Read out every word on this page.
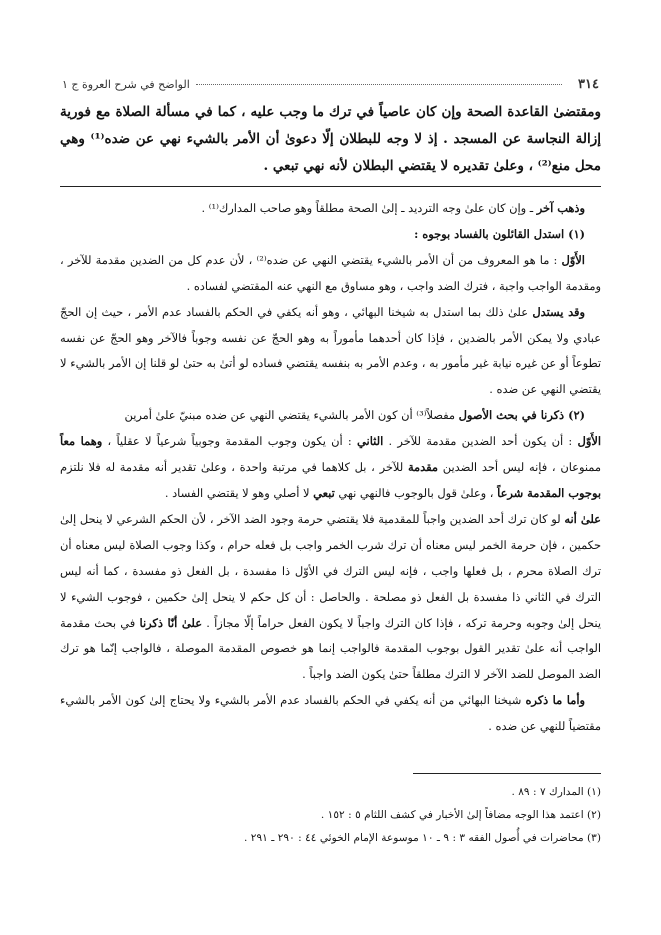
٣١٤
الواضح في شرح العروة ج ١

ومقتضىٰ القاعدة الصحة وإن كان عاصياً في ترك ما وجب عليه ، كما في مسألة الصلاة مع فورية إزالة النجاسة عن المسجد . إذ لا وجه للبطلان إلّا دعوىٰ أن الأمر بالشيء نهي عن ضده⁽¹⁾ وهي محل منع⁽²⁾ ، وعلىٰ تقديره لا يقتضي البطلان لأنه نهي تبعي .

وذهب آخر ـ وإن كان علىٰ وجه الترديد ـ إلىٰ الصحة مطلقاً وهو صاحب المدارك⁽¹⁾ .

(١) استدل القائلون بالفساد بوجوه :

الأَوّل : ما هو المعروف من أن الأمر بالشيء يقتضي النهي عن ضده⁽²⁾ ، لأن عدم كل من الضدين مقدمة للآخر ، ومقدمة الواجب واجبة ، فترك الضد واجب ، وهو مساوق مع النهي عنه المقتضي لفساده .

وقد يستدل علىٰ ذلك بما استدل به شيخنا البهائي ، وهو أنه يكفي في الحكم بالفساد عدم الأمر ، حيث إن الحجّ عبادي ولا يمكن الأمر بالضدين ، فإذا كان أحدهما مأموراً به وهو الحجّ عن نفسه وجوباً فالآخر وهو الحجّ عن نفسه تطوعاً أو عن غيره نيابة غير مأمور به ، وعدم الأمر به بنفسه يقتضي فساده لو أتىٰ به حتىٰ لو قلنا إن الأمر بالشيء لا يقتضي النهي عن ضده .

(٢) ذكرنا في بحث الأصول مفصلاً⁽³⁾ أن كون الأمر بالشيء يقتضي النهي عن ضده مبنيّ علىٰ أمرين

الأَوّل : أن يكون أحد الضدين مقدمة للآخر . الثاني : أن يكون وجوب المقدمة وجوبياً شرعياً لا عقلياً ، وهما معاً ممنوعان ، فإنه ليس أحد الضدين مقدمة للآخر ، بل كلاهما في مرتبة واحدة ، وعلىٰ تقدير أنه مقدمة له فلا نلتزم بوجوب المقدمة شرعاً ، وعلىٰ قول بالوجوب فالنهي نهي تبعي لا أصلي وهو لا يقتضي الفساد .

علىٰ أنه لو كان ترك أحد الضدين واجباً للمقدمية فلا يقتضي حرمة وجود الضد الآخر ، لأن الحكم الشرعي لا ينحل إلىٰ حكمين ، فإن حرمة الخمر ليس معناه أن ترك شرب الخمر واجب بل فعله حرام ، وكذا وجوب الصلاة ليس معناه أن ترك الصلاة محرم ، بل فعلها واجب ، فإنه ليس الترك في الأوّل ذا مفسدة ، بل الفعل ذو مفسدة ، كما أنه ليس الترك في الثاني ذا مفسدة بل الفعل ذو مصلحة . والحاصل : أن كل حكم لا ينحل إلىٰ حكمين ، فوجوب الشيء لا ينحل إلىٰ وجوبه وحرمة تركه ، فإذا كان الترك واجباً لا يكون الفعل حراماً إلّا مجازاً . علىٰ أنّا ذكرنا في بحث مقدمة الواجب أنه علىٰ تقدير القول بوجوب المقدمة فالواجب إنما هو خصوص المقدمة الموصلة ، فالواجب إنّما هو ترك الضد الموصل للضد الآخر لا الترك مطلقاً حتىٰ يكون الضد واجباً .

وأما ما ذكره شيخنا البهائي من أنه يكفي في الحكم بالفساد عدم الأمر بالشيء ولا يحتاج إلىٰ كون الأمر بالشيء مقتضياً للنهي عن ضده .

(١) المدارك ٧ : ٨٩ .

(٢) اعتمد هذا الوجه مضافاً إلىٰ الأخبار في كشف اللثام ٥ : ١٥٢ .

(٣) محاضرات في أُصول الفقه ٣ : ٩ ـ ١٠ موسوعة الإمام الخوئي ٤٤ : ٢٩٠ ـ ٢٩١ .
